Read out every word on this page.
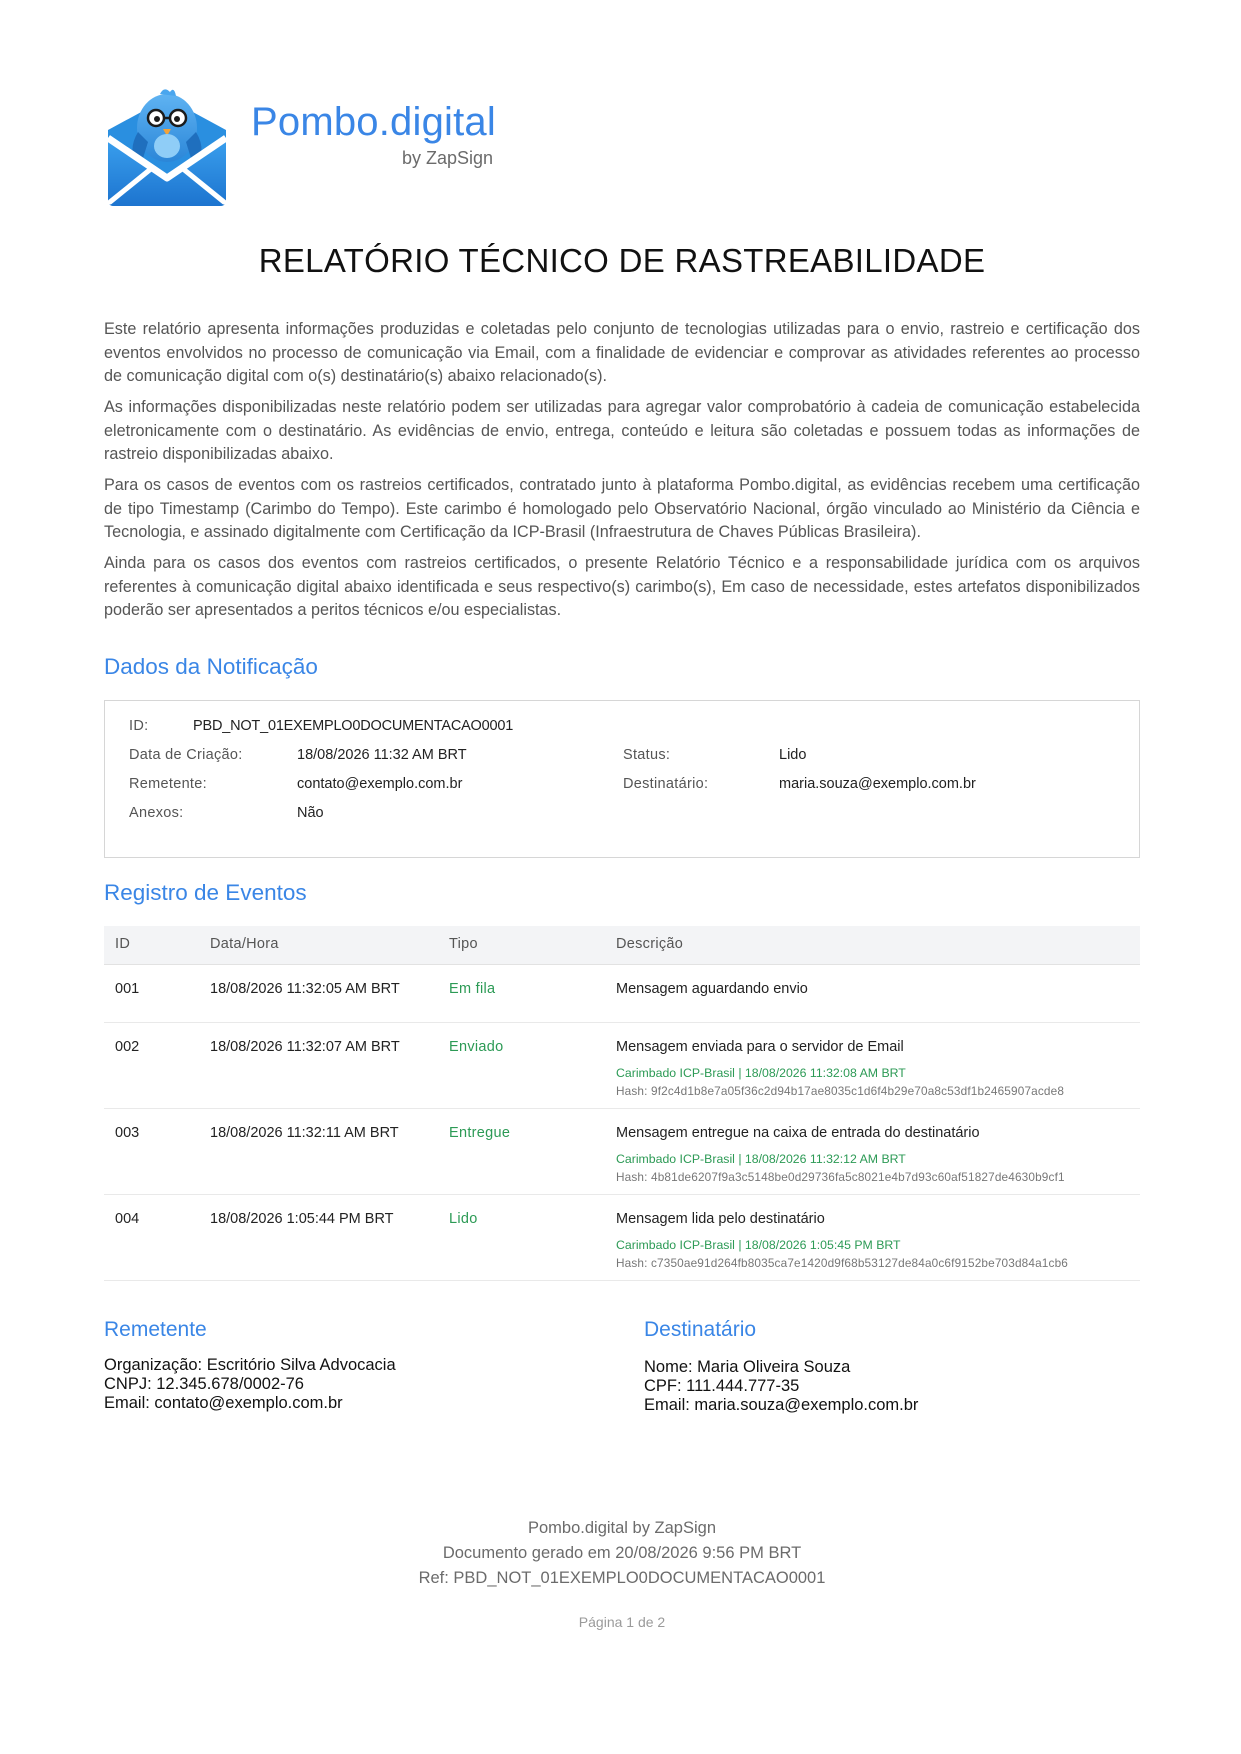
Pombo.digital
by ZapSign
RELATÓRIO TÉCNICO DE RASTREABILIDADE

Este relatório apresenta informações produzidas e coletadas pelo conjunto de tecnologias utilizadas para o envio, rastreio e certificação dos eventos envolvidos no processo de comunicação via Email, com a finalidade de evidenciar e comprovar as atividades referentes ao processo de comunicação digital com o(s) destinatário(s) abaixo relacionado(s).

As informações disponibilizadas neste relatório podem ser utilizadas para agregar valor comprobatório à cadeia de comunicação estabelecida eletronicamente com o destinatário. As evidências de envio, entrega, conteúdo e leitura são coletadas e possuem todas as informações de rastreio disponibilizadas abaixo.

Para os casos de eventos com os rastreios certificados, contratado junto à plataforma Pombo.digital, as evidências recebem uma certificação de tipo Timestamp (Carimbo do Tempo). Este carimbo é homologado pelo Observatório Nacional, órgão vinculado ao Ministério da Ciência e Tecnologia, e assinado digitalmente com Certificação da ICP-Brasil (Infraestrutura de Chaves Públicas Brasileira).

Ainda para os casos dos eventos com rastreios certificados, o presente Relatório Técnico e a responsabilidade jurídica com os arquivos referentes à comunicação digital abaixo identificada e seus respectivo(s) carimbo(s), Em caso de necessidade, estes artefatos disponibilizados poderão ser apresentados a peritos técnicos e/ou especialistas.

Dados da Notificação
ID:	PBD_NOT_01EXEMPLO0DOCUMENTACAO0001
Data de Criação:	18/08/2026 11:32 AM BRT	Status:	Lido
Remetente:	contato@exemplo.com.br	Destinatário:	maria.souza@exemplo.com.br
Anexos:	Não
Registro de Eventos
ID	Data/Hora	Tipo	Descrição
001	18/08/2026 11:32:05 AM BRT	Em fila	Mensagem aguardando envio
002	18/08/2026 11:32:07 AM BRT	Enviado	Mensagem enviada para o servidor de Email
Carimbado ICP-Brasil | 18/08/2026 11:32:08 AM BRT
Hash: 9f2c4d1b8e7a05f36c2d94b17ae8035c1d6f4b29e70a8c53df1b2465907acde8
003	18/08/2026 11:32:11 AM BRT	Entregue	Mensagem entregue na caixa de entrada do destinatário
Carimbado ICP-Brasil | 18/08/2026 11:32:12 AM BRT
Hash: 4b81de6207f9a3c5148be0d29736fa5c8021e4b7d93c60af51827de4630b9cf1
004	18/08/2026 1:05:44 PM BRT	Lido	Mensagem lida pelo destinatário
Carimbado ICP-Brasil | 18/08/2026 1:05:45 PM BRT
Hash: c7350ae91d264fb8035ca7e1420d9f68b53127de84a0c6f9152be703d84a1cb6
Remetente
Organização: Escritório Silva Advocacia
CNPJ: 12.345.678/0002-76
Email: contato@exemplo.com.br
Destinatário
Nome: Maria Oliveira Souza
CPF: 111.444.777-35
Email: maria.souza@exemplo.com.br
Pombo.digital by ZapSign
Documento gerado em 20/08/2026 9:56 PM BRT
Ref: PBD_NOT_01EXEMPLO0DOCUMENTACAO0001
Página 1 de 2
